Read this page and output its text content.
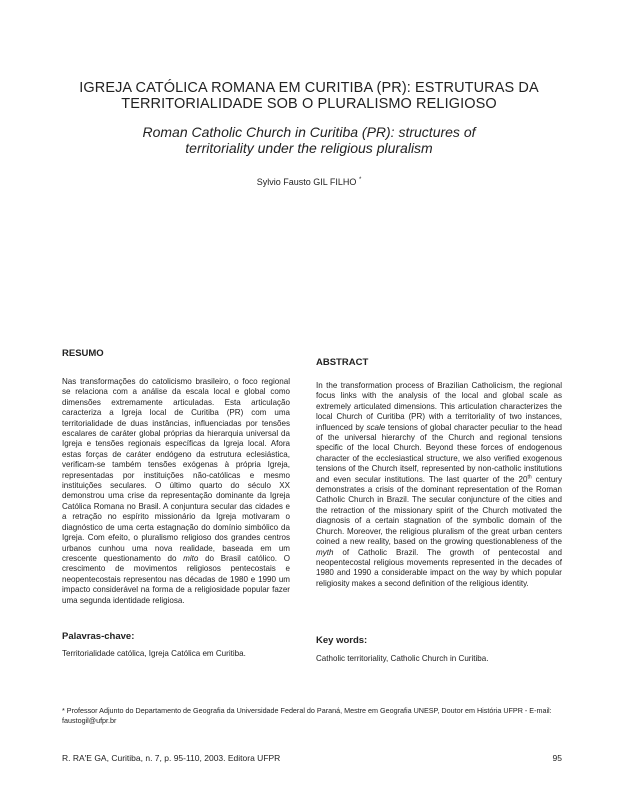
IGREJA CATÓLICA ROMANA EM CURITIBA (PR): ESTRUTURAS DA
TERRITORIALIDADE SOB O PLURALISMO RELIGIOSO
Roman Catholic Church in Curitiba (PR): structures of
territoriality under the religious pluralism
Sylvio Fausto GIL FILHO *
RESUMO
Nas transformações do catolicismo brasileiro, o foco regional se relaciona com a análise da escala local e global como dimensões extremamente articuladas. Esta articulação caracteriza a Igreja local de Curitiba (PR) com uma territorialidade de duas instâncias, influenciadas por tensões escalares de caráter global próprias da hierarquia universal da Igreja e tensões regionais específicas da Igreja local. Afora estas forças de caráter endógeno da estrutura eclesiástica, verificam-se também tensões exógenas à própria Igreja, representadas por instituições não-católicas e mesmo instituições seculares. O último quarto do século XX demonstrou uma crise da representação dominante da Igreja Católica Romana no Brasil. A conjuntura secular das cidades e a retração no espírito missionário da Igreja motivaram o diagnóstico de uma certa estagnação do domínio simbólico da Igreja. Com efeito, o pluralismo religioso dos grandes centros urbanos cunhou uma nova realidade, baseada em um crescente questionamento do mito do Brasil católico. O crescimento de movimentos religiosos pentecostais e neopentecostais representou nas décadas de 1980 e 1990 um impacto considerável na forma de a religiosidade popular fazer uma segunda identidade religiosa.
Palavras-chave:
Territorialidade católica, Igreja Católica em Curitiba.
ABSTRACT
In the transformation process of Brazilian Catholicism, the regional focus links with the analysis of the local and global scale as extremely articulated dimensions. This articulation characterizes the local Church of Curitiba (PR) with a territoriality of two instances, influenced by scale tensions of global character peculiar to the head of the universal hierarchy of the Church and regional tensions specific of the local Church. Beyond these forces of endogenous character of the ecclesiastical structure, we also verified exogenous tensions of the Church itself, represented by non-catholic institutions and even secular institutions. The last quarter of the 20th century demonstrates a crisis of the dominant representation of the Roman Catholic Church in Brazil. The secular conjuncture of the cities and the retraction of the missionary spirit of the Church motivated the diagnosis of a certain stagnation of the symbolic domain of the Church. Moreover, the religious pluralism of the great urban centers coined a new reality, based on the growing questionableness of the myth of Catholic Brazil. The growth of pentecostal and neopentecostal religious movements represented in the decades of 1980 and 1990 a considerable impact on the way by which popular religiosity makes a second definition of the religious identity.
Key words:
Catholic territoriality, Catholic Church in Curitiba.
* Professor Adjunto do Departamento de Geografia da Universidade Federal do Paraná, Mestre em Geografia UNESP, Doutor em História UFPR - E-mail: faustogil@ufpr.br
R. RA'E GA, Curitiba, n. 7, p. 95-110, 2003. Editora UFPR	95
